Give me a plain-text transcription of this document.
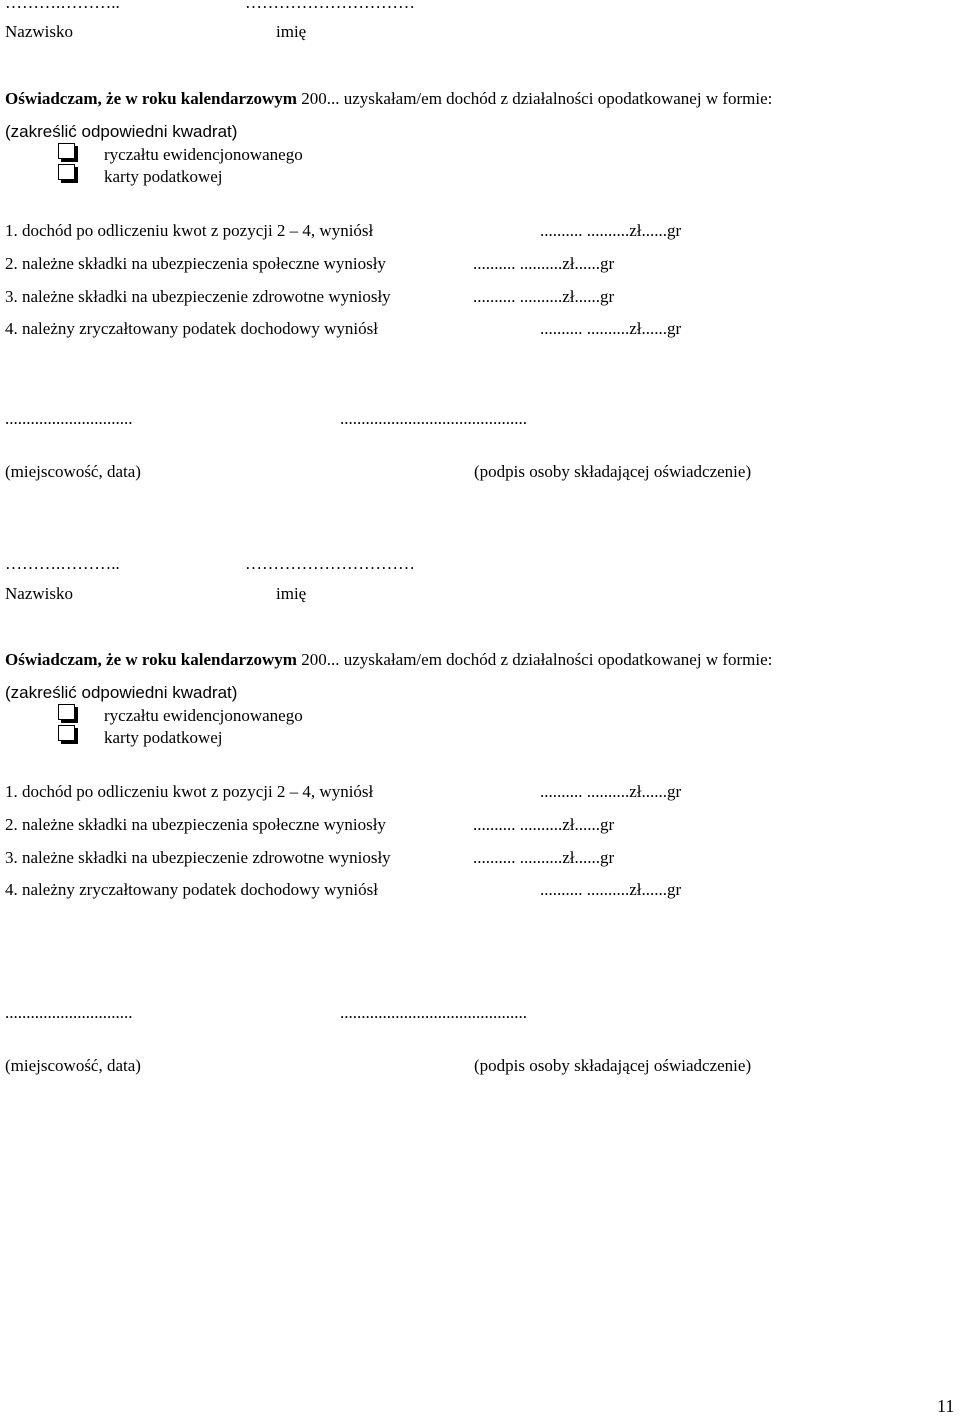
……….………..	…………………………
Nazwisko	imię
Oświadczam, że w roku kalendarzowym 200... uzyskałam/em dochód z działalności opodatkowanej w formie:
(zakreślić odpowiedni kwadrat)
ryczałtu ewidencjonowanego
karty podatkowej
1. dochód po odliczeniu kwot z pozycji 2 – 4, wyniósł	.......... ..........zł......gr
2. należne składki na ubezpieczenia społeczne wyniosły	.......... ..........zł......gr
3. należne składki na ubezpieczenie zdrowotne wyniosły	.......... ..........zł......gr
4. należny zryczałtowany podatek dochodowy wyniósł	.......... ..........zł......gr
..............................	............................................
(miejscowość, data)	(podpis osoby składającej oświadczenie)
……….………..	…………………………
Nazwisko	imię
Oświadczam, że w roku kalendarzowym 200... uzyskałam/em dochód z działalności opodatkowanej w formie:
(zakreślić odpowiedni kwadrat)
ryczałtu ewidencjonowanego
karty podatkowej
1. dochód po odliczeniu kwot z pozycji 2 – 4, wyniósł	.......... ..........zł......gr
2. należne składki na ubezpieczenia społeczne wyniosły	.......... ..........zł......gr
3. należne składki na ubezpieczenie zdrowotne wyniosły	.......... ..........zł......gr
4. należny zryczałtowany podatek dochodowy wyniósł	.......... ..........zł......gr
..............................	............................................
(miejscowość, data)	(podpis osoby składającej oświadczenie)
11
